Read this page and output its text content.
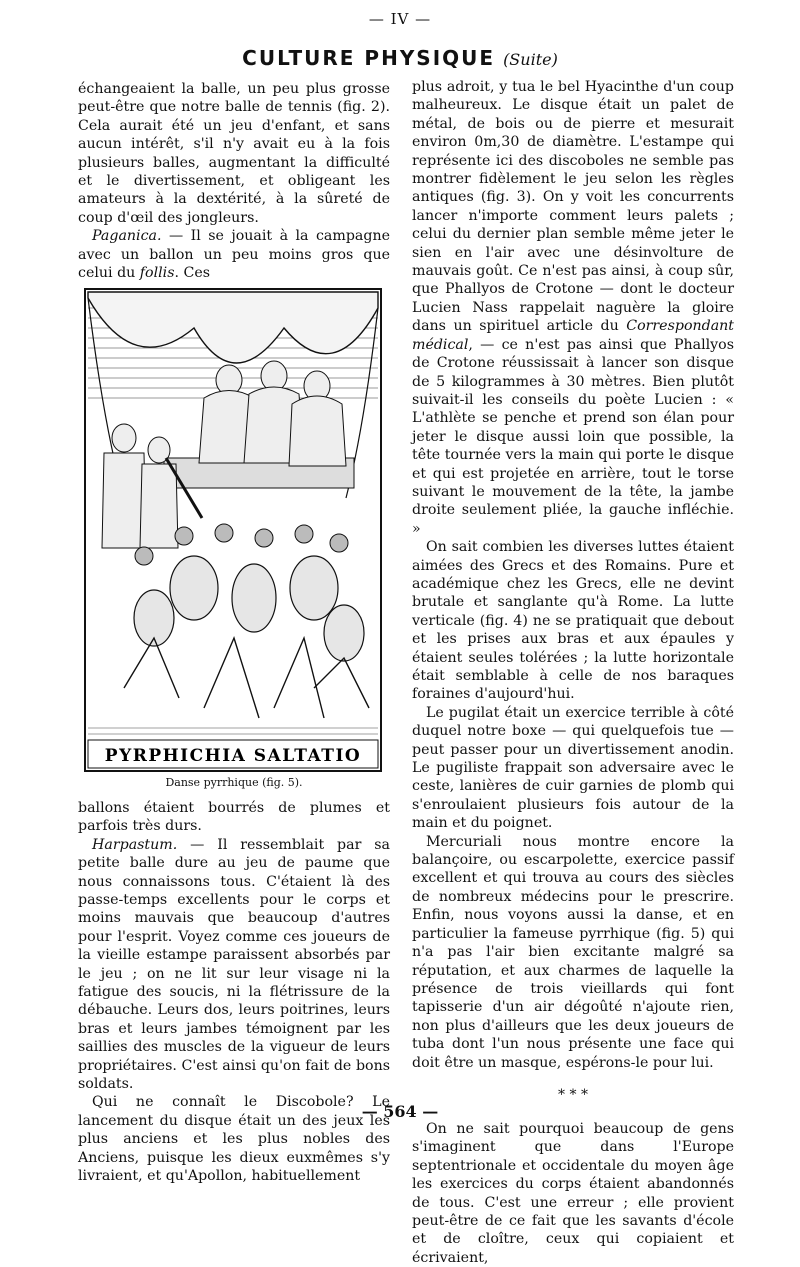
— IV —
CULTURE PHYSIQUE (Suite)

échangeaient la balle, un peu plus grosse peut-être que notre balle de tennis (fig. 2). Cela aurait été un jeu d'enfant, et sans aucun intérêt, s'il n'y avait eu à la fois plusieurs balles, augmentant la difficulté et le divertissement, et obligeant les amateurs à la dextérité, à la sûreté de coup d'œil des jongleurs.

Paganica. — Il se jouait à la campagne avec un ballon un peu moins gros que celui du follis. Ces

PYRPHICHIA SALTATIO
Danse pyrrhique (fig. 5).

ballons étaient bourrés de plumes et parfois très durs.

Harpastum. — Il ressemblait par sa petite balle dure au jeu de paume que nous connaissons tous. C'étaient là des passe-temps excellents pour le corps et moins mauvais que beaucoup d'autres pour l'esprit. Voyez comme ces joueurs de la vieille estampe paraissent absorbés par le jeu ; on ne lit sur leur visage ni la fatigue des soucis, ni la flétrissure de la débauche. Leurs dos, leurs poitrines, leurs bras et leurs jambes témoignent par les saillies des muscles de la vigueur de leurs propriétaires. C'est ainsi qu'on fait de bons soldats.

Qui ne connaît le Discobole? Le lancement du disque était un des jeux les plus anciens et les plus nobles des Anciens, puisque les dieux euxmêmes s'y livraient, et qu'Apollon, habituellement

plus adroit, y tua le bel Hyacinthe d'un coup malheureux. Le disque était un palet de métal, de bois ou de pierre et mesurait environ 0m,30 de diamètre. L'estampe qui représente ici des discoboles ne semble pas montrer fidèlement le jeu selon les règles antiques (fig. 3). On y voit les concurrents lancer n'importe comment leurs palets ; celui du dernier plan semble même jeter le sien en l'air avec une désinvolture de mauvais goût. Ce n'est pas ainsi, à coup sûr, que Phallyos de Crotone — dont le docteur Lucien Nass rappelait naguère la gloire dans un spirituel article du Correspondant médical, — ce n'est pas ainsi que Phallyos de Crotone réussissait à lancer son disque de 5 kilogrammes à 30 mètres. Bien plutôt suivait-il les conseils du poète Lucien : « L'athlète se penche et prend son élan pour jeter le disque aussi loin que possible, la tête tournée vers la main qui porte le disque et qui est projetée en arrière, tout le torse suivant le mouvement de la tête, la jambe droite seulement pliée, la gauche infléchie. »

On sait combien les diverses luttes étaient aimées des Grecs et des Romains. Pure et académique chez les Grecs, elle ne devint brutale et sanglante qu'à Rome. La lutte verticale (fig. 4) ne se pratiquait que debout et les prises aux bras et aux épaules y étaient seules tolérées ; la lutte horizontale était semblable à celle de nos baraques foraines d'aujourd'hui.

Le pugilat était un exercice terrible à côté duquel notre boxe — qui quelquefois tue — peut passer pour un divertissement anodin. Le pugiliste frappait son adversaire avec le ceste, lanières de cuir garnies de plomb qui s'enroulaient plusieurs fois autour de la main et du poignet.

Mercuriali nous montre encore la balançoire, ou escarpolette, exercice passif excellent et qui trouva au cours des siècles de nombreux médecins pour le prescrire. Enfin, nous voyons aussi la danse, et en particulier la fameuse pyrrhique (fig. 5) qui n'a pas l'air bien excitante malgré sa réputation, et aux charmes de laquelle la présence de trois vieillards qui font tapisserie d'un air dégoûté n'ajoute rien, non plus d'ailleurs que les deux joueurs de tuba dont l'un nous présente une face qui doit être un masque, espérons-le pour lui.

* * *

On ne sait pourquoi beaucoup de gens s'imaginent que dans l'Europe septentrionale et occidentale du moyen âge les exercices du corps étaient abandonnés de tous. C'est une erreur ; elle provient peut-être de ce fait que les savants d'école et de cloître, ceux qui copiaient et écrivaient,

— 564 —
